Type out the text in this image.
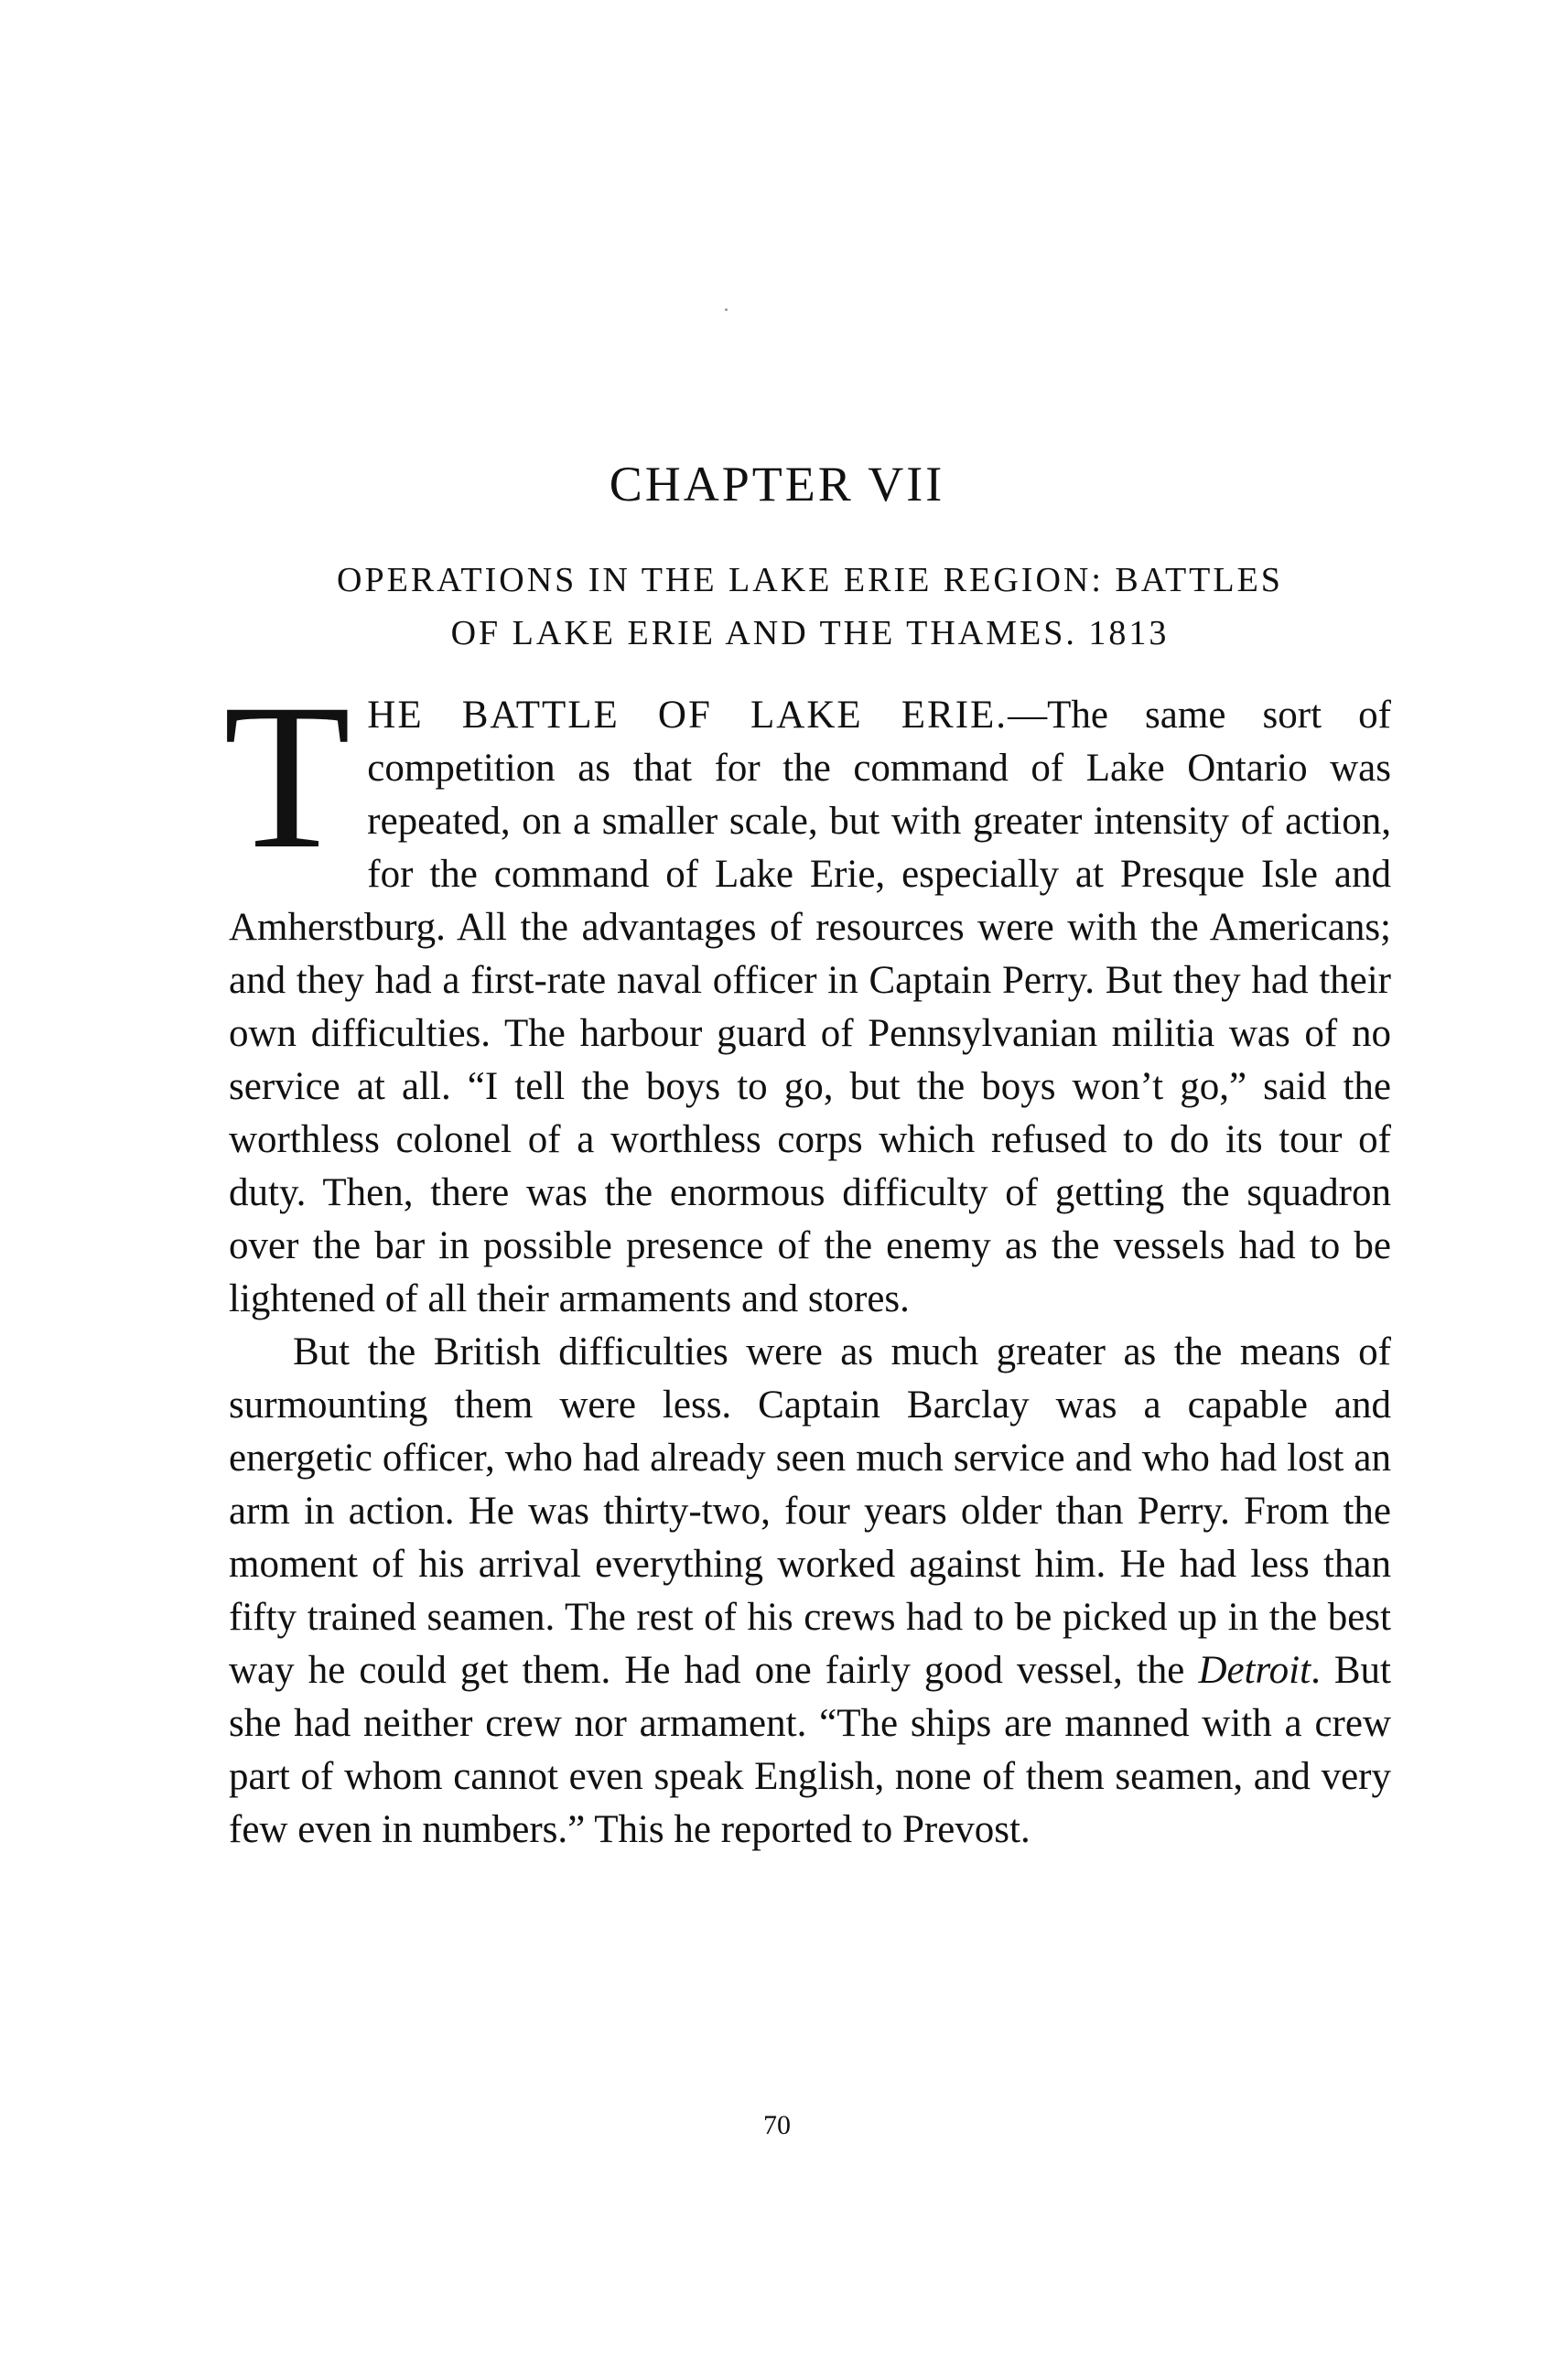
CHAPTER VII
OPERATIONS IN THE LAKE ERIE REGION: BATTLES
OF LAKE ERIE AND THE THAMES. 1813

THE BATTLE OF LAKE ERIE.—The same sort of competition as that for the command of Lake Ontario was repeated, on a smaller scale, but with greater intensity of action, for the command of Lake Erie, especially at Presque Isle and Amherstburg. All the advantages of resources were with the Americans; and they had a first-rate naval officer in Captain Perry. But they had their own difficulties. The harbour guard of Pennsylvanian militia was of no service at all. “I tell the boys to go, but the boys won’t go,” said the worthless colonel of a worthless corps which refused to do its tour of duty. Then, there was the enormous difficulty of getting the squadron over the bar in possible presence of the enemy as the vessels had to be lightened of all their armaments and stores.

But the British difficulties were as much greater as the means of surmounting them were less. Captain Barclay was a capable and energetic officer, who had already seen much service and who had lost an arm in action. He was thirty-two, four years older than Perry. From the moment of his arrival everything worked against him. He had less than fifty trained seamen. The rest of his crews had to be picked up in the best way he could get them. He had one fairly good vessel, the Detroit. But she had neither crew nor armament. “The ships are manned with a crew part of whom cannot even speak English, none of them seamen, and very few even in numbers.” This he reported to Prevost.

70
